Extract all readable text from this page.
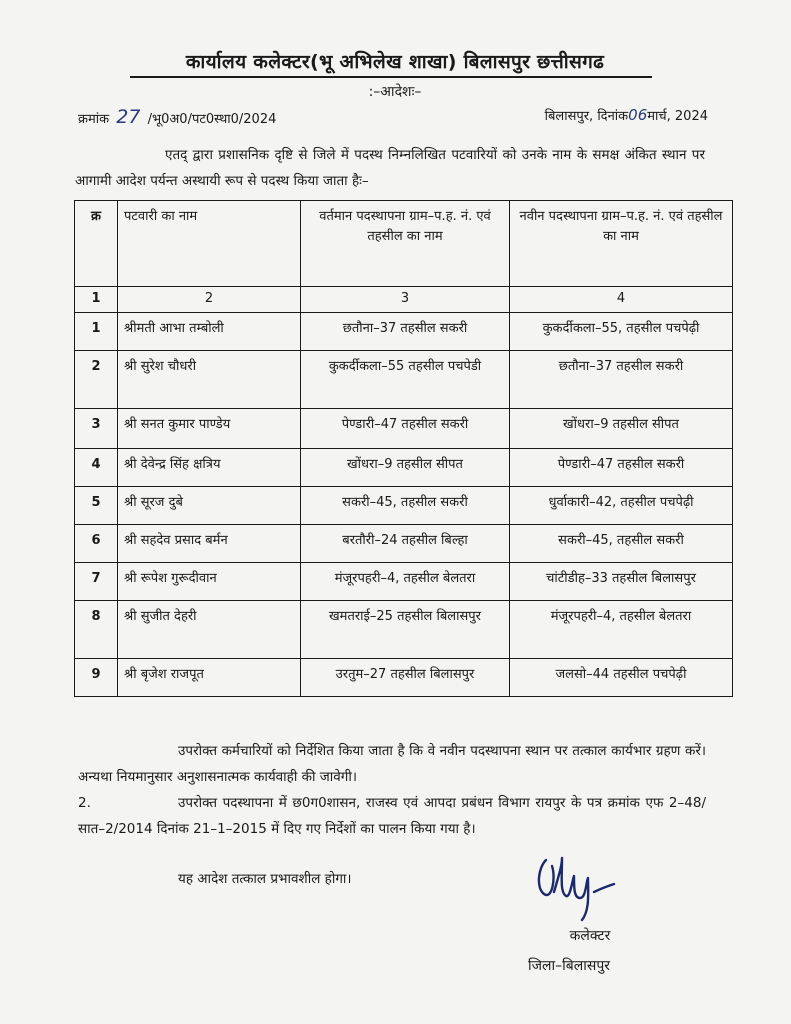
कार्यालय कलेक्टर(भू अभिलेख शाखा) बिलासपुर छत्तीसगढ
:–आदेशः–
क्रमांक 27 /भू0अ0/पट0स्था0/2024	बिलासपुर, दिनांक06मार्च, 2024
एतद् द्वारा प्रशासनिक दृष्टि से जिले में पदस्थ निम्नलिखित पटवारियों को उनके नाम के समक्ष अंकित स्थान पर आगामी आदेश पर्यन्त अस्थायी रूप से पदस्थ किया जाता हैः–
क्र	पटवारी का नाम	वर्तमान पदस्थापना ग्राम–प.ह. नं. एवं तहसील का नाम	नवीन पदस्थापना ग्राम–प.ह. नं. एवं तहसील का नाम
1	2	3	4
1	श्रीमती आभा तम्बोली	छतौना–37 तहसील सकरी	कुकर्दीकला–55, तहसील पचपेढ़ी
2	श्री सुरेश चौधरी	कुकर्दीकला–55 तहसील पचपेडी	छतौना–37 तहसील सकरी
3	श्री सनत कुमार पाण्डेय	पेण्डारी–47 तहसील सकरी	खोंधरा–9 तहसील सीपत
4	श्री देवेन्द्र सिंह क्षत्रिय	खोंधरा–9 तहसील सीपत	पेण्डारी–47 तहसील सकरी
5	श्री सूरज दुबे	सकरी–45, तहसील सकरी	धुर्वाकारी–42, तहसील पचपेढ़ी
6	श्री सहदेव प्रसाद बर्मन	बरतौरी–24 तहसील बिल्हा	सकरी–45, तहसील सकरी
7	श्री रूपेश गुरूदीवान	मंजूरपहरी–4, तहसील बेलतरा	चांटीडीह–33 तहसील बिलासपुर
8	श्री सुजीत देहरी	खमतराई–25 तहसील बिलासपुर	मंजूरपहरी–4, तहसील बेलतरा
9	श्री बृजेश राजपूत	उरतुम–27 तहसील बिलासपुर	जलसो–44 तहसील पचपेढ़ी
उपरोक्त कर्मचारियों को निर्देशित किया जाता है कि वे नवीन पदस्थापना स्थान पर तत्काल कार्यभार ग्रहण करें। अन्यथा नियमानुसार अनुशासनात्मक कार्यवाही की जावेगी।
2.	उपरोक्त पदस्थापना में छ0ग0शासन, राजस्व एवं आपदा प्रबंधन विभाग रायपुर के पत्र क्रमांक एफ 2–48/सात–2/2014 दिनांक 21–1–2015 में दिए गए निर्देशों का पालन किया गया है।
यह आदेश तत्काल प्रभावशील होगा।
कलेक्टर
जिला–बिलासपुर
